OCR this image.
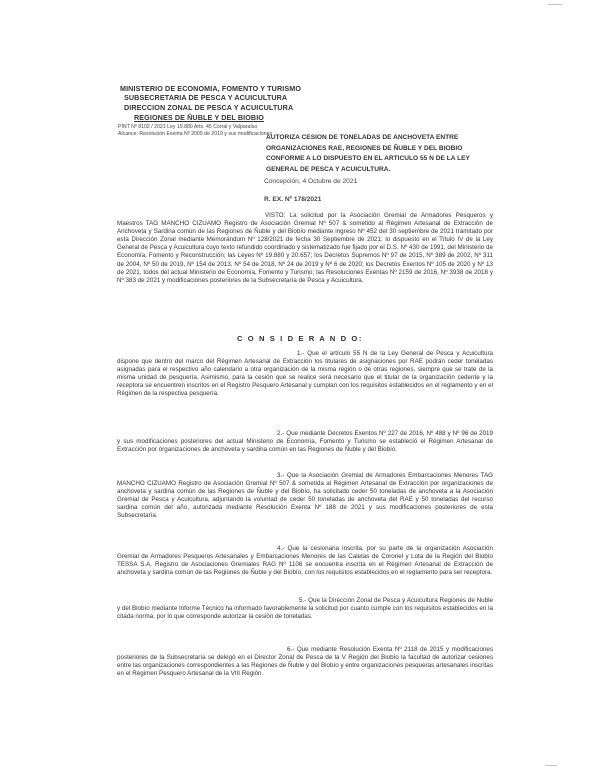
MINISTERIO DE ECONOMIA, FOMENTO Y TURISMO

SUBSECRETARIA DE PESCA Y ACUICULTURA

DIRECCION ZONAL DE PESCA Y ACUICULTURA

REGIONES DE ÑUBLE Y DEL BIOBIO

PINT Nº 8102 / 2021 Ley 19.880 Arts. 45 Corral y Valparaíso

Alcance: Resolución Exenta Nº 2009 de 2019 y sus modificaciones

AUTORIZA CESION DE TONELADAS DE ANCHOVETA ENTRE ORGANIZACIONES RAE, REGIONES DE ÑUBLE Y DEL BIOBIO CONFORME A LO DISPUESTO EN EL ARTICULO 55 N DE LA LEY GENERAL DE PESCA Y ACUICULTURA.

Concepción, 4 Octubre de 2021

R. EX. Nº 178/2021

VISTO: La solicitud por la Asociación Gremial de Armadores Pesqueros y Maestros TAG MANCHO CIZUAMO Registro de Asociación Gremial Nº 507 & sometido al Régimen Artesanal de Extracción de Anchoveta y Sardina común de las Regiones de Ñuble y del Biobío mediante ingreso Nº 452 del 30 septiembre de 2021 tramitado por esta Dirección Zonal mediante Memorándum Nº 128/2021 de fecha 30 Septiembre de 2021; lo dispuesto en el Título IV de la Ley General de Pesca y Acuicultura cuyo texto refundido coordinado y sistematizado fue fijado por el D.S. Nº 430 de 1991, del Ministerio de Economía, Fomento y Reconstrucción; las Leyes Nº 19.880 y 20.657; los Decretos Supremos Nº 97 de 2015, Nº 389 de 2002, Nº 311 de 2004, Nº 50 de 2019, Nº 154 de 2013, Nº 54 de 2018, Nº 24 de 2019 y Nº 6 de 2020; los Decretos Exentos Nº 105 de 2020 y Nº 13 de 2021, todos del actual Ministerio de Economía, Fomento y Turismo; las Resoluciones Exentas Nº 2159 de 2016, Nº 3938 de 2018 y Nº 383 de 2021 y modificaciones posteriores de la Subsecretaría de Pesca y Acuicultura.

C O N S I D E R A N D O:

1.- Que el artículo 55 N de la Ley General de Pesca y Acuicultura dispone que dentro del marco del Régimen Artesanal de Extracción los titulares de asignaciones por RAE podrán ceder toneladas asignadas para el respectivo año calendario a otra organización de la misma región o de otras regiones, siempre que se trate de la misma unidad de pesquería. Asimismo, para la cesión que se realice será necesario que el titular de la organización cedente y la receptora se encuentren inscritos en el Registro Pesquero Artesanal y cumplan con los requisitos establecidos en el reglamento y en el Régimen de la respectiva pesquería.

2.- Que mediante Decretos Exentos Nº 227 de 2016, Nº 488 y Nº 96 de 2019 y sus modificaciones posteriores del actual Ministerio de Economía, Fomento y Turismo se estableció el Régimen Artesanal de Extracción por organizaciones de anchoveta y sardina común en las Regiones de Ñuble y del Biobío.

3.- Que la Asociación Gremial de Armadores Embarcaciones Menores TAG MANCHO CIZUAMO Registro de Asociación Gremial Nº 507 & sometida al Régimen Artesanal de Extracción por organizaciones de anchoveta y sardina común de las Regiones de Ñuble y del Biobío, ha solicitado ceder 50 toneladas de anchoveta a la Asociación Gremial de Pesca y Acuicultura, adjuntando la voluntad de ceder 50 toneladas de anchoveta del RAE y 50 toneladas del recurso sardina común del año, autorizada mediante Resolución Exenta Nº 188 de 2021 y sus modificaciones posteriores de esta Subsecretaría.

4.- Que la cesionaria inscrita, por su parte de la organización Asociación Gremial de Armadores Pesqueros Artesanales y Embarcaciones Menores de las Caletas de Coronel y Lota de la Región del Biobío TESSA S.A. Registro de Asociaciones Gremiales RAG Nº 1106 se encuentra inscrita en el Régimen Artesanal de Extracción de anchoveta y sardina común de las Regiones de Ñuble y del Biobío, con los requisitos establecidos en el reglamento para ser receptora.

5.- Que la Dirección Zonal de Pesca y Acuicultura Regiones de Ñuble y del Biobío mediante Informe Técnico ha informado favorablemente la solicitud por cuanto cumple con los requisitos establecidos en la citada norma, por lo que corresponde autorizar la cesión de toneladas.

6.- Que mediante Resolución Exenta Nº 2118 de 2015 y modificaciones posteriores de la Subsecretaría se delegó en el Director Zonal de Pesca de la V Región del Biobío la facultad de autorizar cesiones entre las organizaciones correspondientes a las Regiones de Ñuble y del Biobío y entre organizaciones pesqueras artesanales inscritas en el Régimen Pesquero Artesanal de la VIII Región.
